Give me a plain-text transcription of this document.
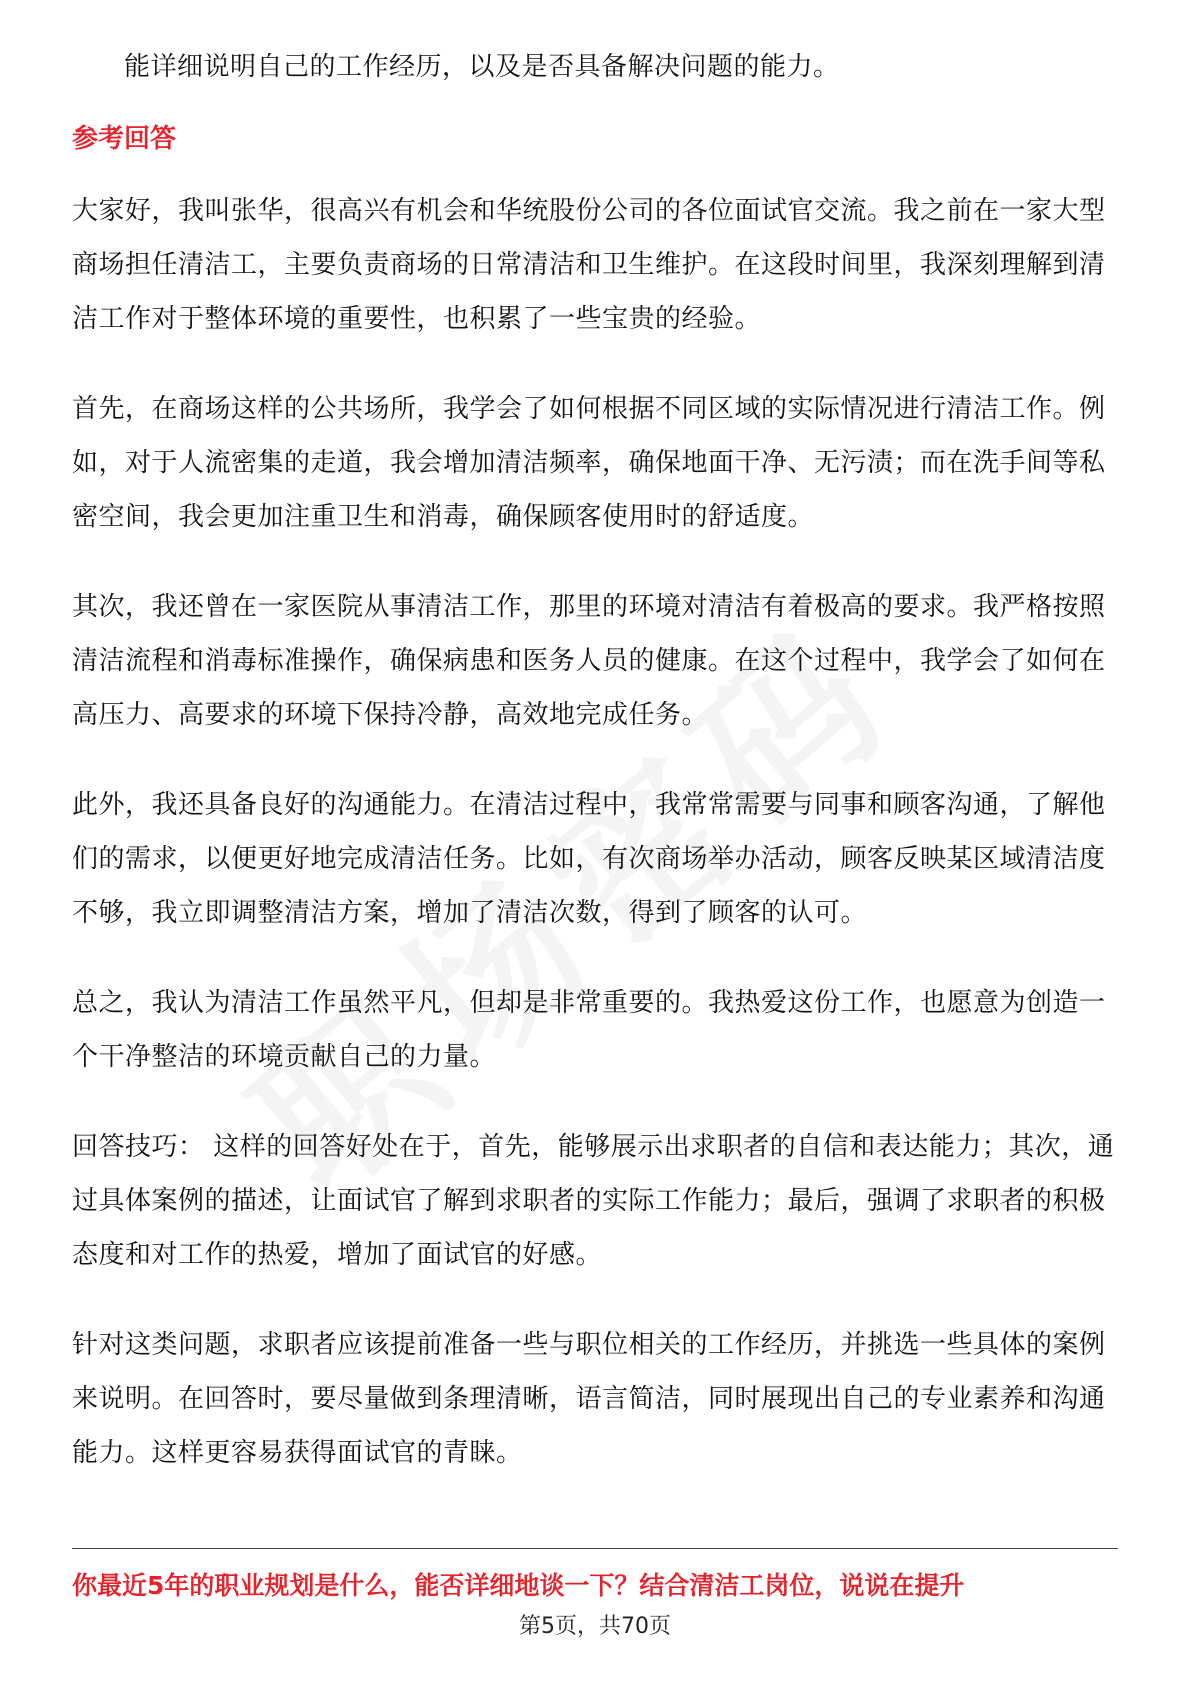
能详细说明自己的工作经历，以及是否具备解决问题的能力。

参考回答

大家好，我叫张华，很高兴有机会和华统股份公司的各位面试官交流。我之前在一家大型商场担任清洁工，主要负责商场的日常清洁和卫生维护。在这段时间里，我深刻理解到清洁工作对于整体环境的重要性，也积累了一些宝贵的经验。

首先，在商场这样的公共场所，我学会了如何根据不同区域的实际情况进行清洁工作。例如，对于人流密集的走道，我会增加清洁频率，确保地面干净、无污渍；而在洗手间等私密空间，我会更加注重卫生和消毒，确保顾客使用时的舒适度。

其次，我还曾在一家医院从事清洁工作，那里的环境对清洁有着极高的要求。我严格按照清洁流程和消毒标准操作，确保病患和医务人员的健康。在这个过程中，我学会了如何在高压力、高要求的环境下保持冷静，高效地完成任务。

此外，我还具备良好的沟通能力。在清洁过程中，我常常需要与同事和顾客沟通，了解他们的需求，以便更好地完成清洁任务。比如，有次商场举办活动，顾客反映某区域清洁度不够，我立即调整清洁方案，增加了清洁次数，得到了顾客的认可。

总之，我认为清洁工作虽然平凡，但却是非常重要的。我热爱这份工作，也愿意为创造一个干净整洁的环境贡献自己的力量。

回答技巧： 这样的回答好处在于，首先，能够展示出求职者的自信和表达能力；其次，通过具体案例的描述，让面试官了解到求职者的实际工作能力；最后，强调了求职者的积极态度和对工作的热爱，增加了面试官的好感。

针对这类问题，求职者应该提前准备一些与职位相关的工作经历，并挑选一些具体的案例来说明。在回答时，要尽量做到条理清晰，语言简洁，同时展现出自己的专业素养和沟通能力。这样更容易获得面试官的青睐。

你最近5年的职业规划是什么，能否详细地谈一下？结合清洁工岗位，说说在提升
第5页，共70页
